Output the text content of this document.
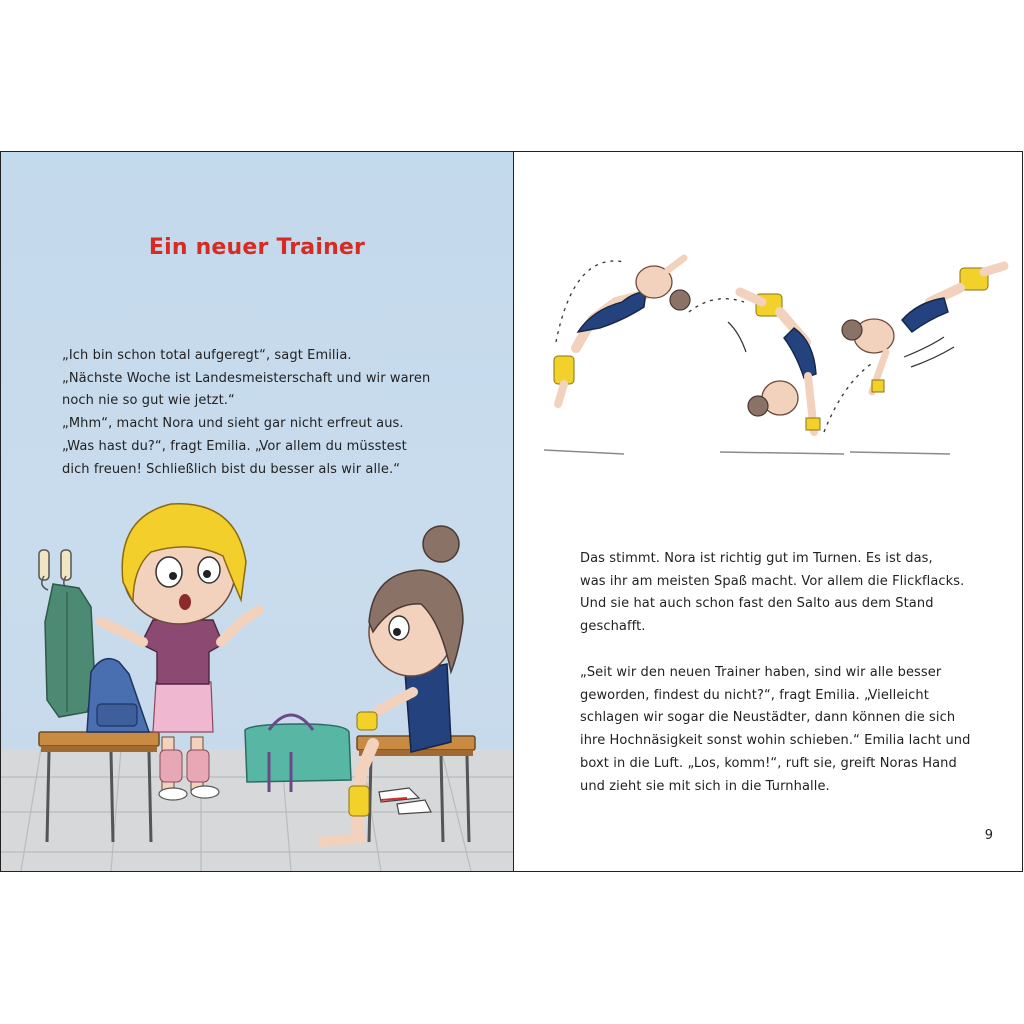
Ein neuer Trainer
„Ich bin schon total aufgeregt“, sagt Emilia.
„Nächste Woche ist Landesmeisterschaft und wir waren
noch nie so gut wie jetzt.“
„Mhm“, macht Nora und sieht gar nicht erfreut aus.
„Was hast du?“, fragt Emilia. „Vor allem du müsstest
dich freuen! Schließlich bist du besser als wir alle.“
Das stimmt. Nora ist richtig gut im Turnen. Es ist das,
was ihr am meisten Spaß macht. Vor allem die Flickflacks.
Und sie hat auch schon fast den Salto aus dem Stand
geschafft.
„Seit wir den neuen Trainer haben, sind wir alle besser
geworden, findest du nicht?“, fragt Emilia. „Vielleicht
schlagen wir sogar die Neustädter, dann können die sich
ihre Hochnäsigkeit sonst wohin schieben.“ Emilia lacht und
boxt in die Luft. „Los, komm!“, ruft sie, greift Noras Hand
und zieht sie mit sich in die Turnhalle.
9
